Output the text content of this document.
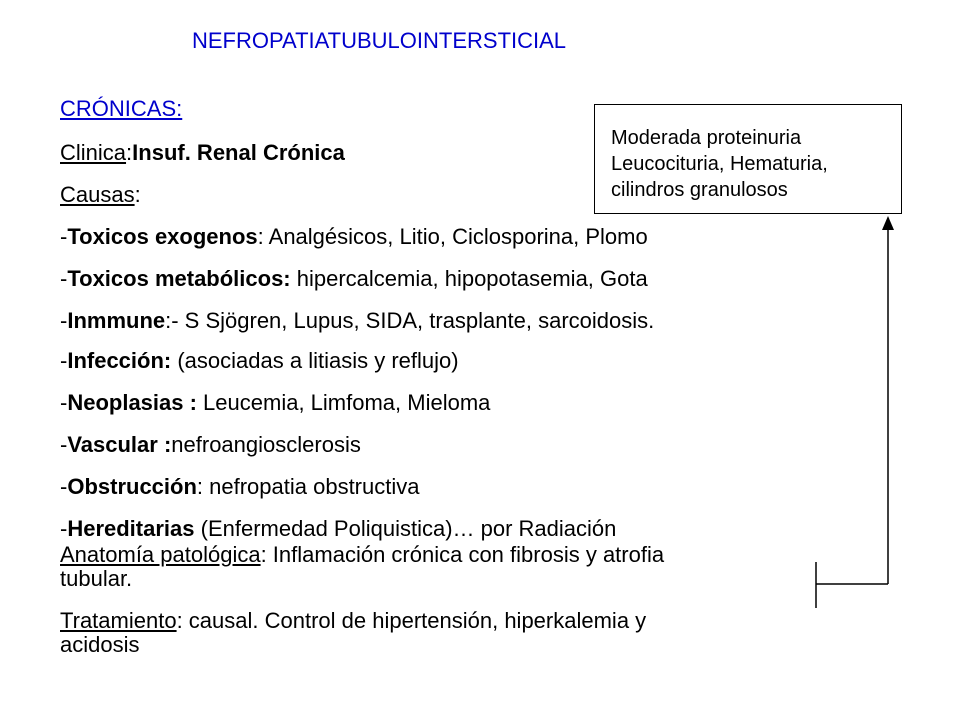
NEFROPATIATUBULOINTERSTICIAL
CRÓNICAS:
Clinica:Insuf. Renal Crónica
Causas:
-Toxicos exogenos: Analgésicos, Litio, Ciclosporina, Plomo
-Toxicos metabólicos: hipercalcemia, hipopotasemia, Gota
-Inmmune:- S Sjögren, Lupus, SIDA, trasplante, sarcoidosis.
-Infección: (asociadas a litiasis y reflujo)
-Neoplasias : Leucemia, Limfoma, Mieloma
-Vascular :nefroangiosclerosis
-Obstrucción: nefropatia obstructiva
-Hereditarias (Enfermedad Poliquistica)… por Radiación
Anatomía patológica: Inflamación crónica con fibrosis y atrofia
tubular.
Tratamiento: causal. Control de hipertensión, hiperkalemia y
acidosis
Moderada proteinuria
Leucocituria, Hematuria,
cilindros granulosos
